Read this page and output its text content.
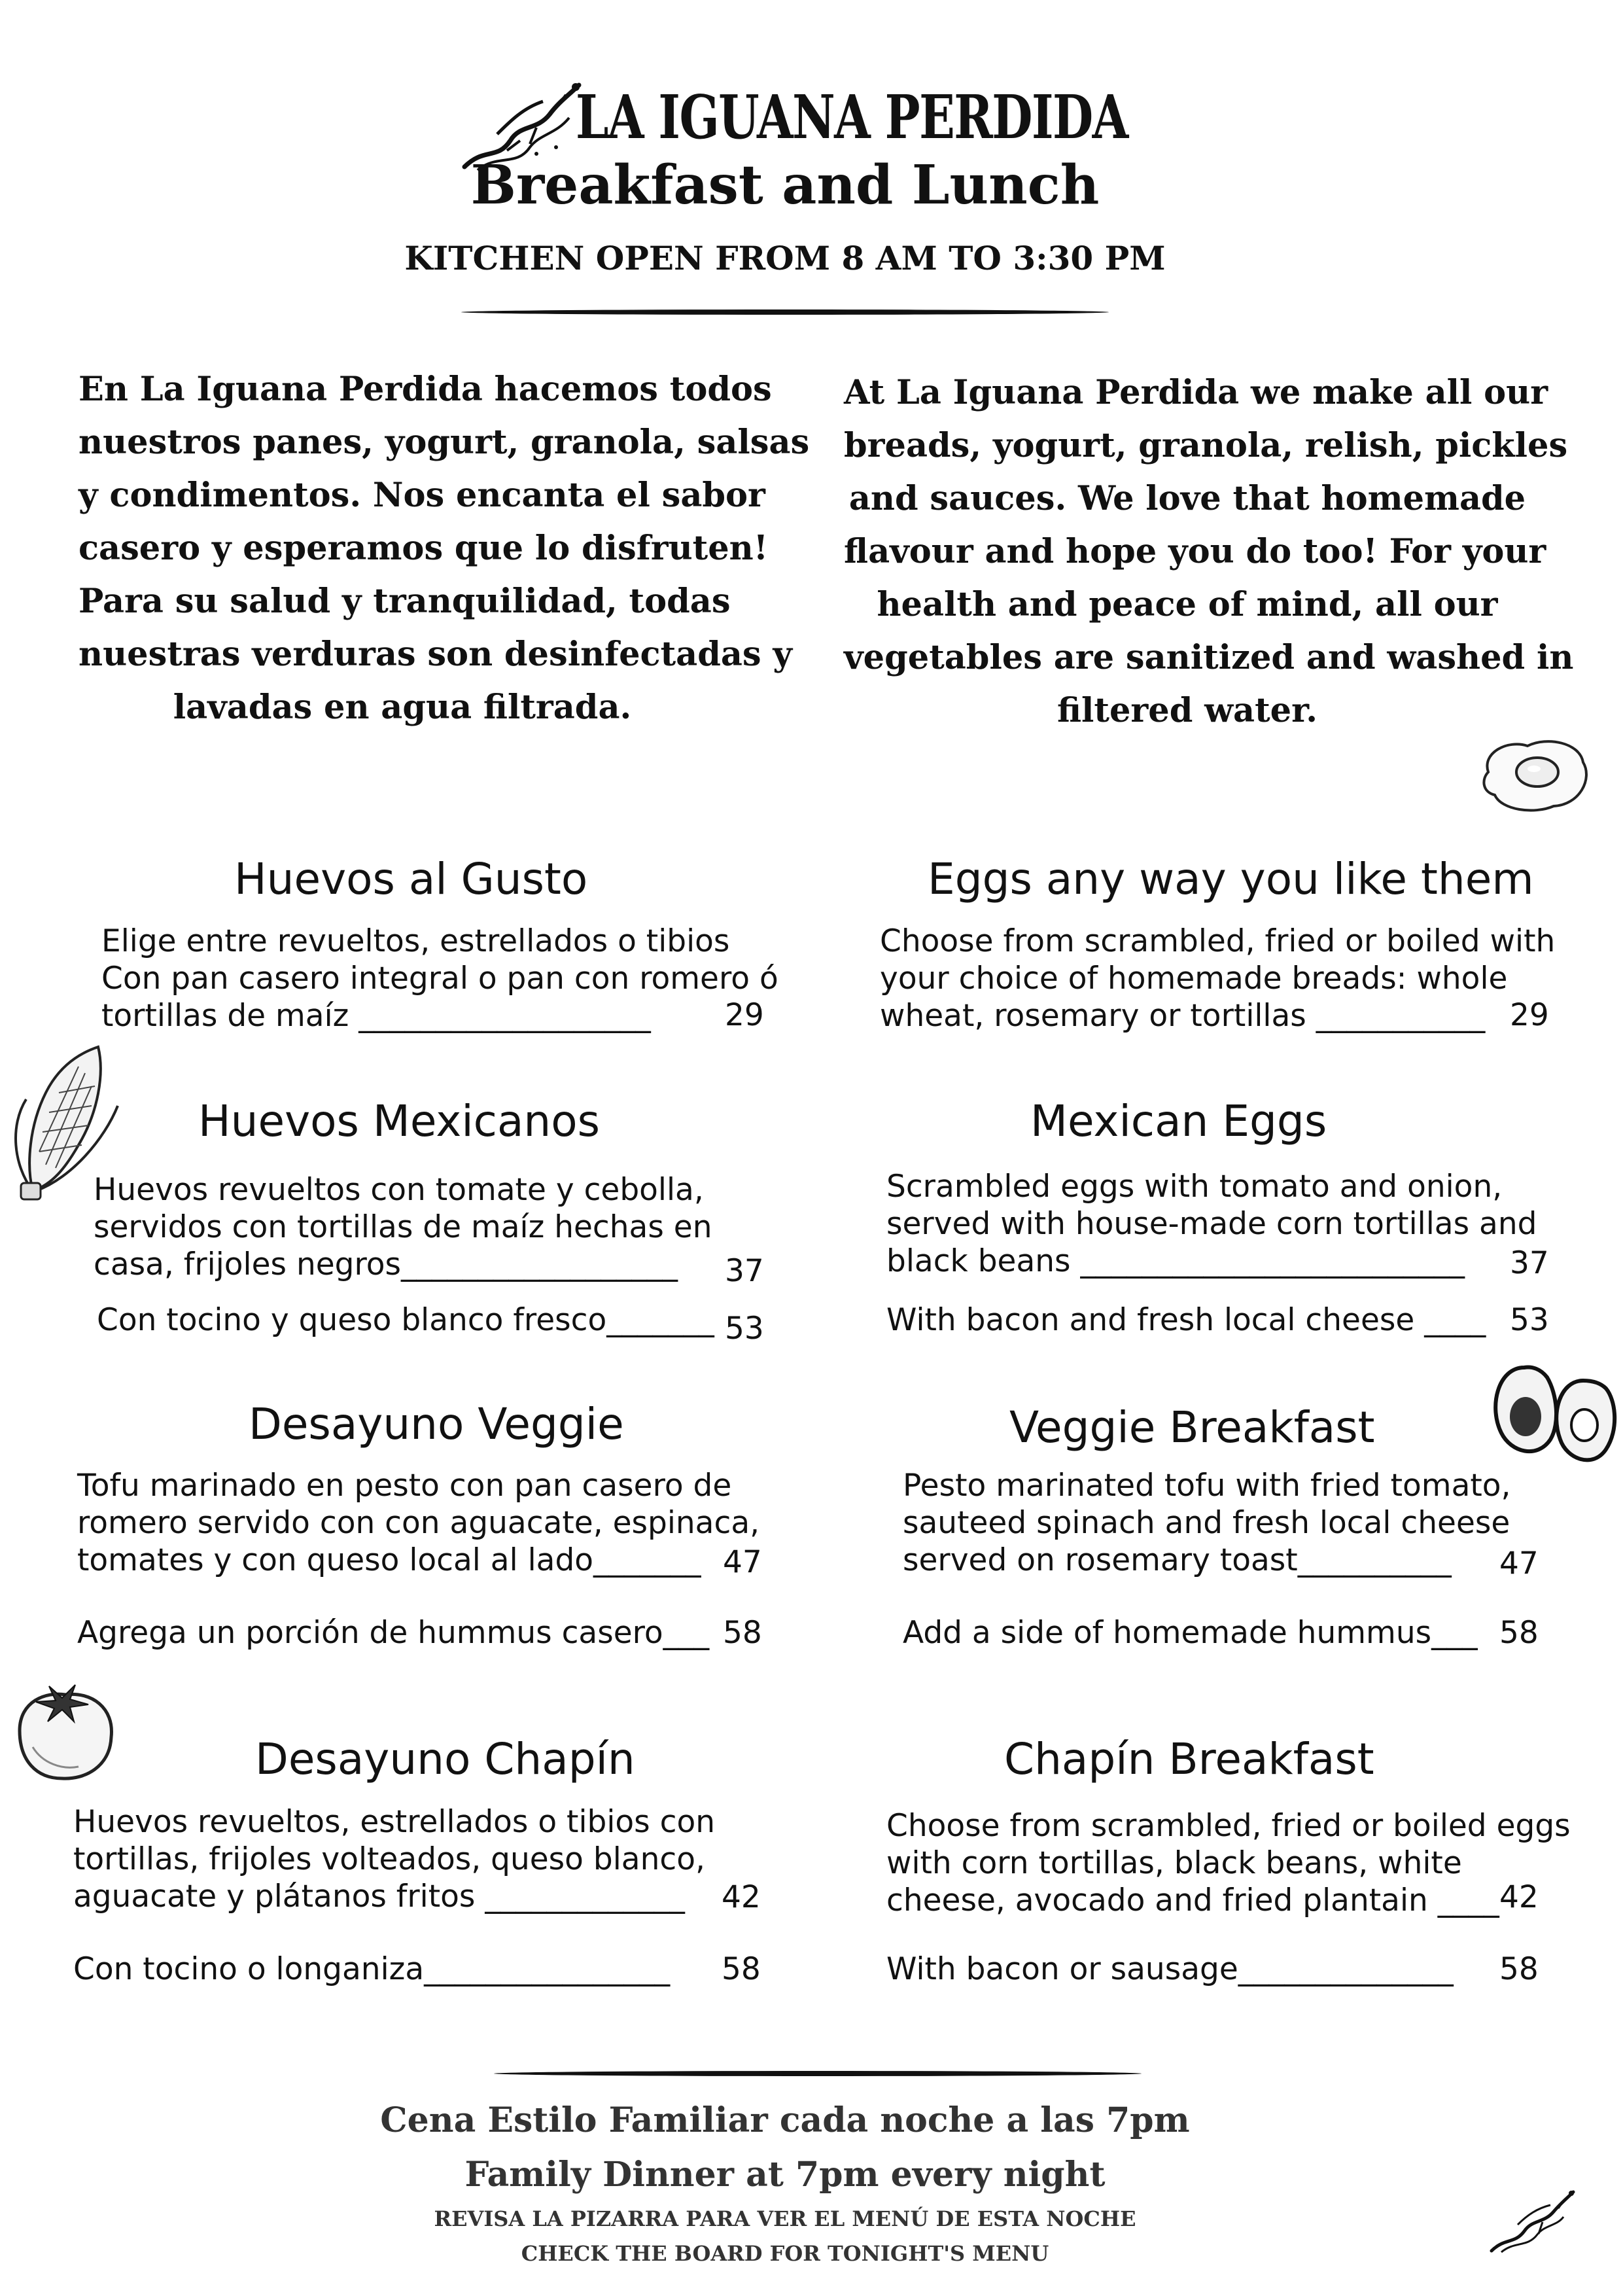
LA IGUANA PERDIDA
Breakfast and Lunch
KITCHEN OPEN FROM 8 AM TO 3:30 PM
En La Iguana Perdida hacemos todos
nuestros panes, yogurt, granola, salsas
y condimentos. Nos encanta el sabor
casero y esperamos que lo disfruten!
Para su salud y tranquilidad, todas
nuestras verduras son desinfectadas y
lavadas en agua filtrada.
At La Iguana Perdida we make all our
breads, yogurt, granola, relish, pickles
and sauces. We love that homemade
flavour and hope you do too! For your
health and peace of mind, all our
vegetables are sanitized and washed in
filtered water.
Huevos al Gusto
Elige entre revueltos, estrellados o tibios
Con pan casero integral o pan con romero ó
tortillas de maíz ___________________	29
Eggs any way you like them
Choose from scrambled, fried or boiled with
your choice of homemade breads: whole
wheat, rosemary or tortillas ___________ 29
Huevos Mexicanos
Huevos revueltos con tomate y cebolla,
servidos con tortillas de maíz hechas en
casa, frijoles negros__________________	37
Con tocino y queso blanco fresco_______ 53
Mexican Eggs
Scrambled eggs with tomato and onion,
served with house-made corn tortillas and
black beans _________________________	37
With bacon and fresh local cheese ____ 53
Desayuno Veggie
Tofu marinado en pesto con pan casero de
romero servido con con aguacate, espinaca,
tomates y con queso local al lado_______ 47
Agrega un porción de hummus casero___ 58
Veggie Breakfast
Pesto marinated tofu with fried tomato,
sauteed spinach and fresh local cheese
served on rosemary toast__________	47
Add a side of homemade hummus___ 58
Desayuno Chapín
Huevos revueltos, estrellados o tibios con
tortillas, frijoles volteados, queso blanco,
aguacate y plátanos fritos _____________	42
Con tocino o longaniza________________ 58
Chapín Breakfast
Choose from scrambled, fried or boiled eggs
with corn tortillas, black beans, white
cheese, avocado and fried plantain ____ 42
With bacon or sausage______________ 58
Cena Estilo Familiar cada noche a las 7pm
Family Dinner at 7pm every night
REVISA LA PIZARRA PARA VER EL MENÚ DE ESTA NOCHE
CHECK THE BOARD FOR TONIGHT'S MENU
